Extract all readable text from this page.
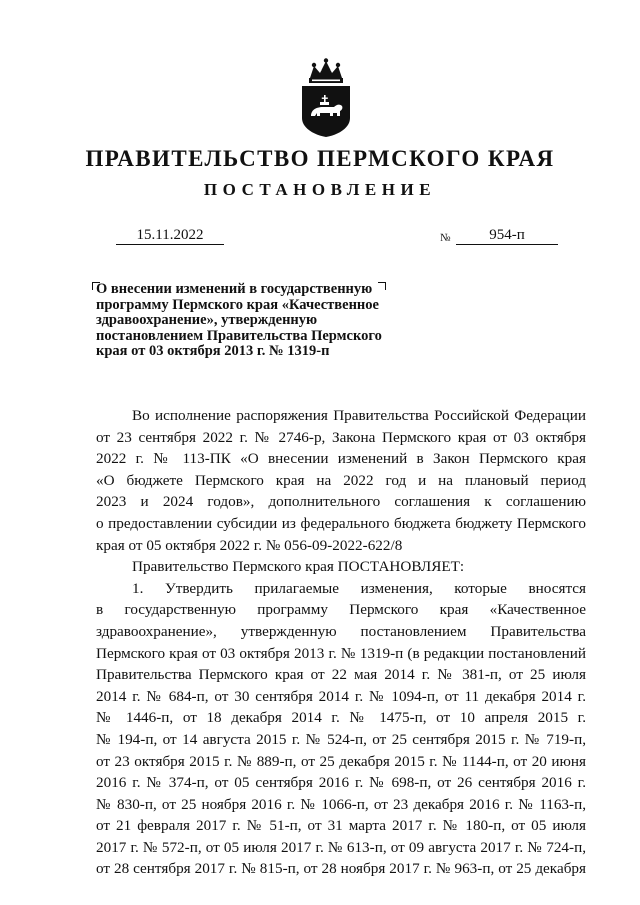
ПРАВИТЕЛЬСТВО ПЕРМСКОГО КРАЯ
ПОСТАНОВЛЕНИЕ
15.11.2022	№	954-п
О внесении изменений в государственную
программу Пермского края «Качественное
здравоохранение», утвержденную
постановлением Правительства Пермского
края от 03 октября 2013 г. № 1319-п
Во исполнение распоряжения Правительства Российской Федерации
от 23 сентября 2022 г. № 2746-р, Закона Пермского края от 03 октября
2022 г. № 113-ПК «О внесении изменений в Закон Пермского края
«О бюджете Пермского края на 2022 год и на плановый период
2023 и 2024 годов», дополнительного соглашения к соглашению
о предоставлении субсидии из федерального бюджета бюджету Пермского
края от 05 октября 2022 г. № 056-09-2022-622/8
Правительство Пермского края ПОСТАНОВЛЯЕТ:
1. Утвердить прилагаемые изменения, которые вносятся
в государственную программу Пермского края «Качественное
здравоохранение», утвержденную постановлением Правительства
Пермского края от 03 октября 2013 г. № 1319-п (в редакции постановлений
Правительства Пермского края от 22 мая 2014 г. № 381-п, от 25 июля
2014 г. № 684-п, от 30 сентября 2014 г. № 1094-п, от 11 декабря 2014 г.
№ 1446-п, от 18 декабря 2014 г. № 1475-п, от 10 апреля 2015 г.
№ 194-п, от 14 августа 2015 г. № 524-п, от 25 сентября 2015 г. № 719-п,
от 23 октября 2015 г. № 889-п, от 25 декабря 2015 г. № 1144-п, от 20 июня
2016 г. № 374-п, от 05 сентября 2016 г. № 698-п, от 26 сентября 2016 г.
№ 830-п, от 25 ноября 2016 г. № 1066-п, от 23 декабря 2016 г. № 1163-п,
от 21 февраля 2017 г. № 51-п, от 31 марта 2017 г. № 180-п, от 05 июля
2017 г. № 572-п, от 05 июля 2017 г. № 613-п, от 09 августа 2017 г. № 724-п,
от 28 сентября 2017 г. № 815-п, от 28 ноября 2017 г. № 963-п, от 25 декабря
